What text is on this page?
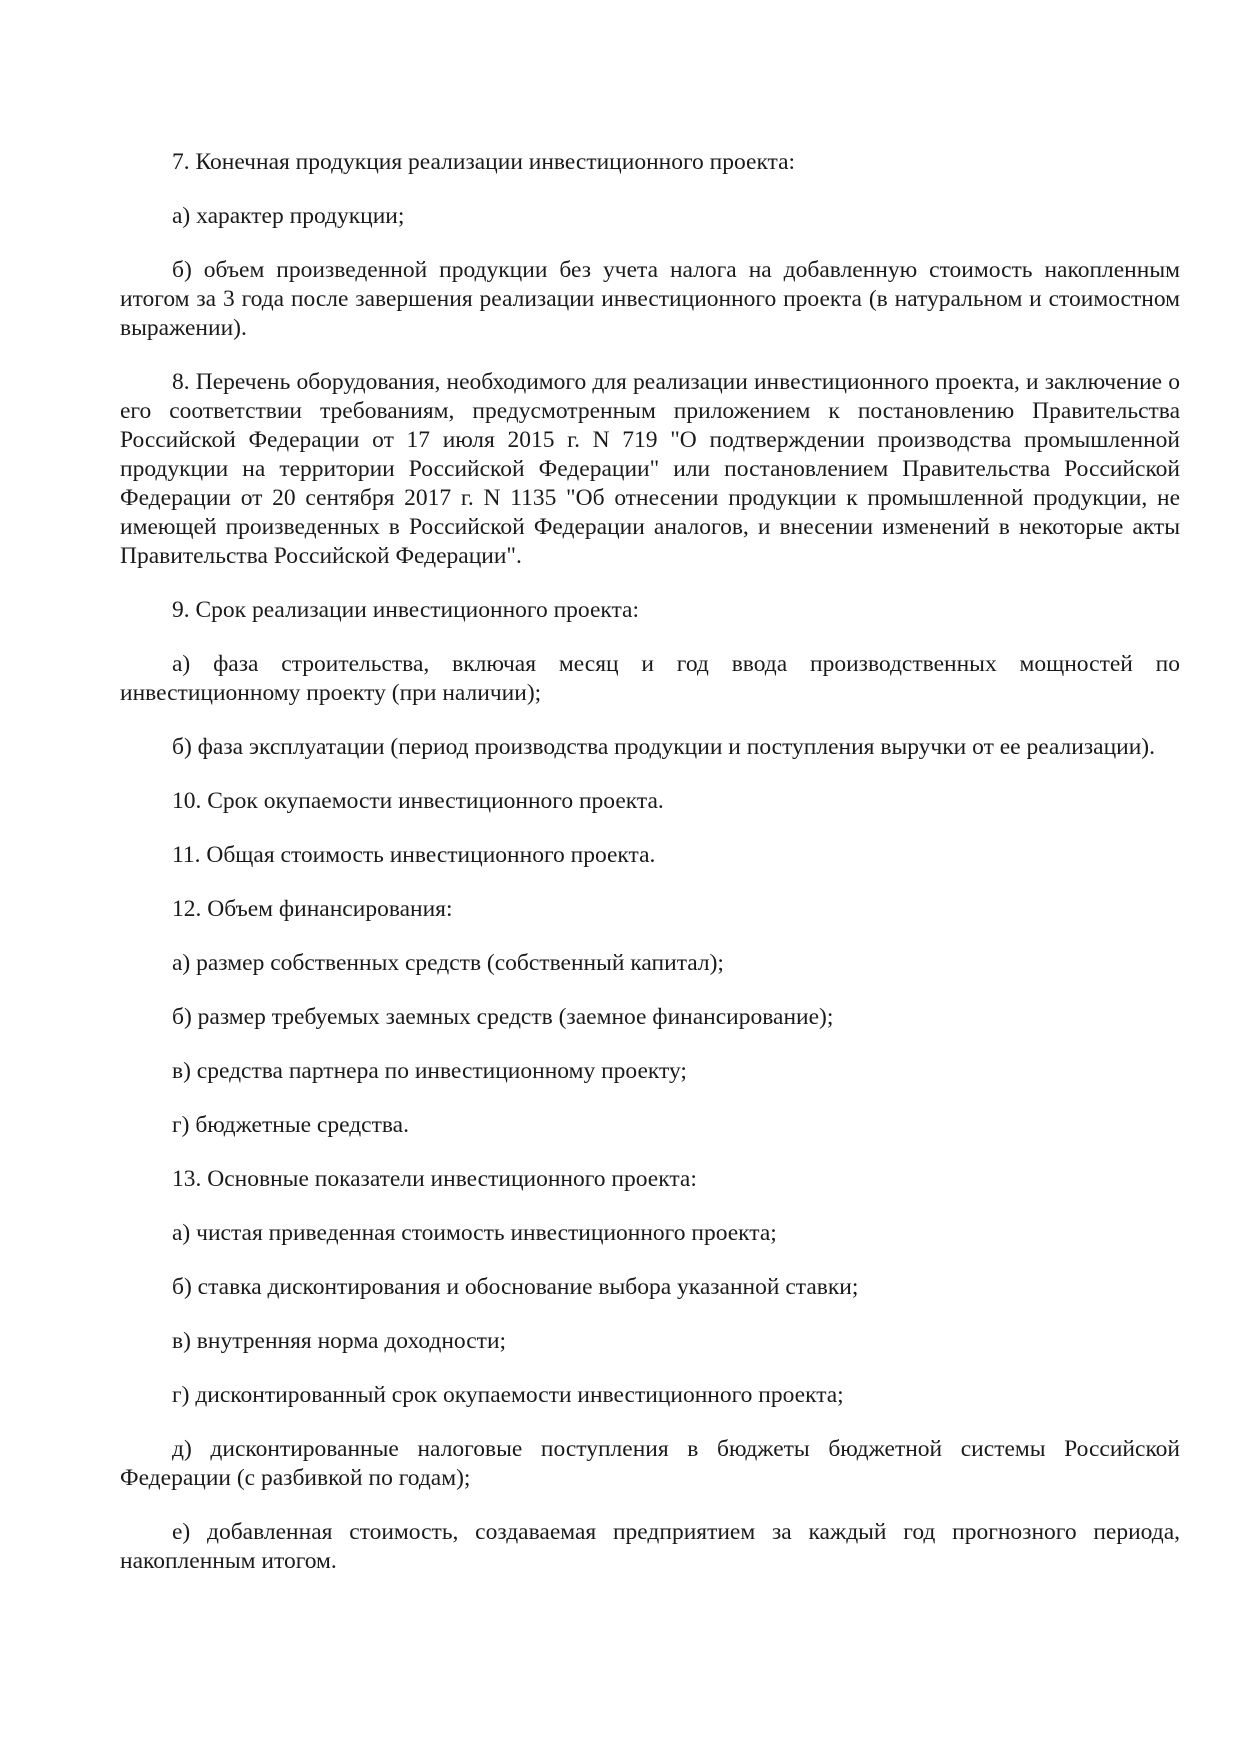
7. Конечная продукция реализации инвестиционного проекта:

а) характер продукции;

б) объем произведенной продукции без учета налога на добавленную стоимость накопленным итогом за 3 года после завершения реализации инвестиционного проекта (в натуральном и стоимостном выражении).

8. Перечень оборудования, необходимого для реализации инвестиционного проекта, и заключение о его соответствии требованиям, предусмотренным приложением к постановлению Правительства Российской Федерации от 17 июля 2015 г. N 719 "О подтверждении производства промышленной продукции на территории Российской Федерации" или постановлением Правительства Российской Федерации от 20 сентября 2017 г. N 1135 "Об отнесении продукции к промышленной продукции, не имеющей произведенных в Российской Федерации аналогов, и внесении изменений в некоторые акты Правительства Российской Федерации".

9. Срок реализации инвестиционного проекта:

а) фаза строительства, включая месяц и год ввода производственных мощностей по инвестиционному проекту (при наличии);

б) фаза эксплуатации (период производства продукции и поступления выручки от ее реализации).

10. Срок окупаемости инвестиционного проекта.

11. Общая стоимость инвестиционного проекта.

12. Объем финансирования:

а) размер собственных средств (собственный капитал);

б) размер требуемых заемных средств (заемное финансирование);

в) средства партнера по инвестиционному проекту;

г) бюджетные средства.

13. Основные показатели инвестиционного проекта:

а) чистая приведенная стоимость инвестиционного проекта;

б) ставка дисконтирования и обоснование выбора указанной ставки;

в) внутренняя норма доходности;

г) дисконтированный срок окупаемости инвестиционного проекта;

д) дисконтированные налоговые поступления в бюджеты бюджетной системы Российской Федерации (с разбивкой по годам);

е) добавленная стоимость, создаваемая предприятием за каждый год прогнозного периода, накопленным итогом.
